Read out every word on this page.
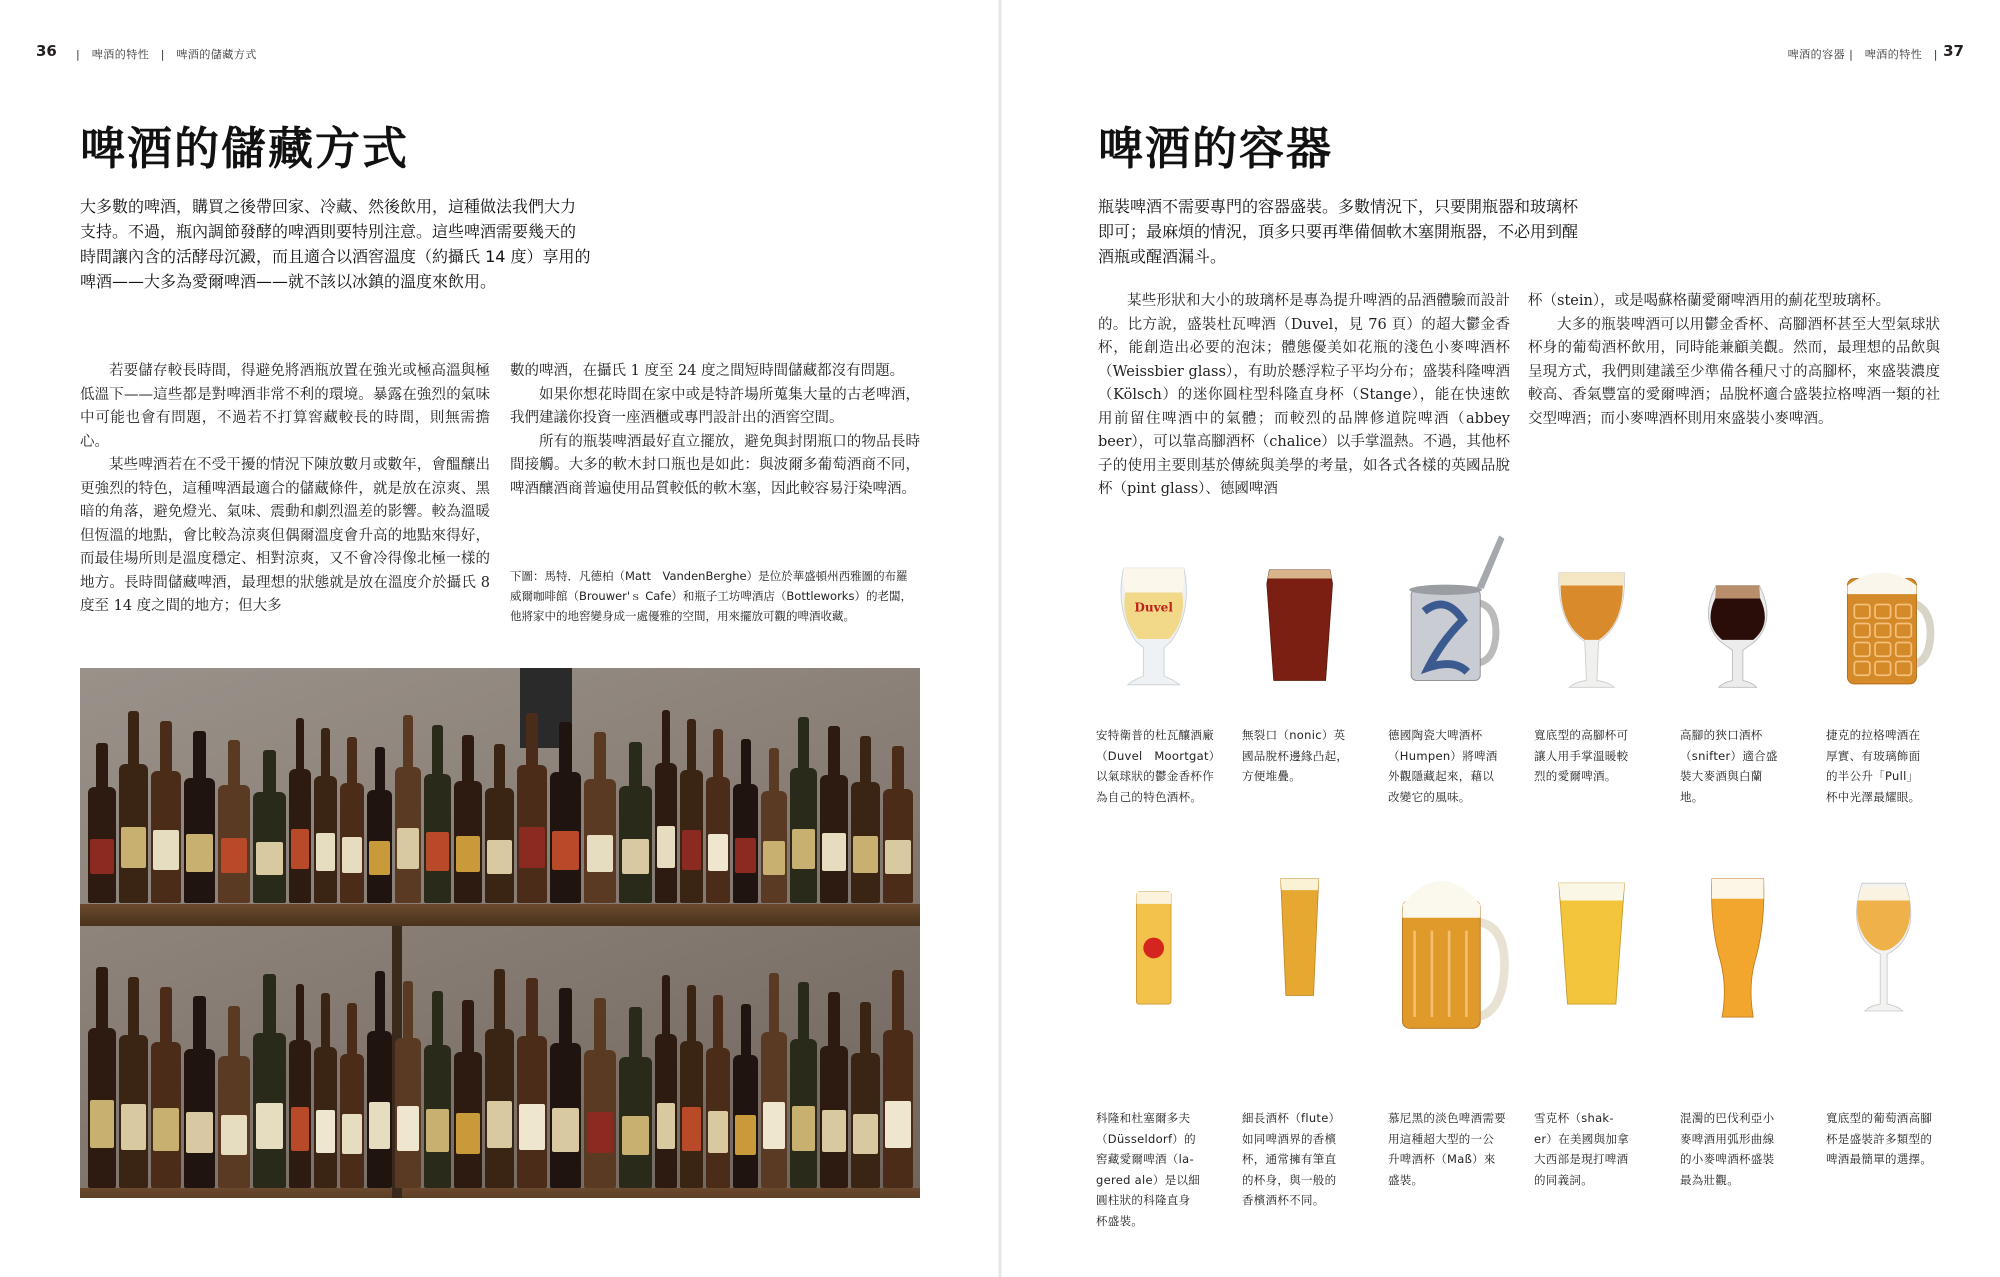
36 |　啤酒的特性　|　啤酒的儲藏方式
啤酒的儲藏方式
大多數的啤酒，購買之後帶回家、冷藏、然後飲用，這種做法我們大力
支持。不過，瓶內調節發酵的啤酒則要特別注意。這些啤酒需要幾天的
時間讓內含的活酵母沉澱，而且適合以酒窖溫度（約攝氏 14 度）享用的
啤酒——大多為愛爾啤酒——就不該以冰鎮的溫度來飲用。

若要儲存較長時間，得避免將酒瓶放置在強光或極高溫與極低溫下——這些都是對啤酒非常不利的環境。暴露在強烈的氣味中可能也會有問題，不過若不打算窖藏較長的時間，則無需擔心。

某些啤酒若在不受干擾的情況下陳放數月或數年，會醞釀出更強烈的特色，這種啤酒最適合的儲藏條件，就是放在涼爽、黑暗的角落，避免燈光、氣味、震動和劇烈溫差的影響。較為溫暖但恆溫的地點，會比較為涼爽但偶爾溫度會升高的地點來得好，而最佳場所則是溫度穩定、相對涼爽，又不會冷得像北極一樣的地方。長時間儲藏啤酒，最理想的狀態就是放在溫度介於攝氏 8 度至 14 度之間的地方；但大多

數的啤酒，在攝氏 1 度至 24 度之間短時間儲藏都沒有問題。

如果你想花時間在家中或是特許場所蒐集大量的古老啤酒，我們建議你投資一座酒櫃或專門設計出的酒窖空間。

所有的瓶裝啤酒最好直立擺放，避免與封閉瓶口的物品長時間接觸。大多的軟木封口瓶也是如此：與波爾多葡萄酒商不同，啤酒釀酒商普遍使用品質較低的軟木塞，因此較容易汙染啤酒。

下圖：馬特．凡德柏（Matt　VandenBerghe）是位於華盛頓州西雅圖的布羅
威爾咖啡館（Brouwer'ｓ Cafe）和瓶子工坊啤酒店（Bottleworks）的老闆，
他將家中的地窖變身成一處優雅的空間，用來擺放可觀的啤酒收藏。
啤酒的容器 |　啤酒的特性　| 37
啤酒的容器
瓶裝啤酒不需要專門的容器盛裝。多數情況下，只要開瓶器和玻璃杯
即可；最麻煩的情況，頂多只要再準備個軟木塞開瓶器，不必用到醒
酒瓶或醒酒漏斗。

某些形狀和大小的玻璃杯是專為提升啤酒的品酒體驗而設計的。比方說，盛裝杜瓦啤酒（Duvel，見 76 頁）的超大鬱金香杯，能創造出必要的泡沫；體態優美如花瓶的淺色小麥啤酒杯（Weissbier glass），有助於懸浮粒子平均分布；盛裝科隆啤酒（Kölsch）的迷你圓柱型科隆直身杯（Stange），能在快速飲用前留住啤酒中的氣體；而較烈的品牌修道院啤酒（abbey beer），可以靠高腳酒杯（chalice）以手掌溫熱。不過，其他杯子的使用主要則基於傳統與美學的考量，如各式各樣的英國品脫杯（pint glass）、德國啤酒

杯（stein），或是喝蘇格蘭愛爾啤酒用的薊花型玻璃杯。

大多的瓶裝啤酒可以用鬱金香杯、高腳酒杯甚至大型氣球狀杯身的葡萄酒杯飲用，同時能兼顧美觀。然而，最理想的品飲與呈現方式，我們則建議至少準備各種尺寸的高腳杯，來盛裝濃度較高、香氣豐富的愛爾啤酒；品脫杯適合盛裝拉格啤酒一類的社交型啤酒；而小麥啤酒杯則用來盛裝小麥啤酒。

Duvel
安特衛普的杜瓦釀酒廠
（Duvel　Moortgat）
以氣球狀的鬱金香杯作
為自己的特色酒杯。
無裂口（nonic）英
國品脫杯邊緣凸起，
方便堆疊。
德國陶瓷大啤酒杯
（Humpen）將啤酒
外觀隱藏起來，藉以
改變它的風味。
寬底型的高腳杯可
讓人用手掌溫暖較
烈的愛爾啤酒。
高腳的狹口酒杯
（snifter）適合盛
裝大麥酒與白蘭
地。
捷克的拉格啤酒在
厚實、有玻璃飾面
的半公升「Pull」
杯中光澤最耀眼。
科隆和杜塞爾多夫
（Düsseldorf）的
窖藏愛爾啤酒（la-
gered ale）是以細
圓柱狀的科隆直身
杯盛裝。
細長酒杯（flute）
如同啤酒界的香檳
杯，通常擁有筆直
的杯身，與一般的
香檳酒杯不同。
慕尼黑的淡色啤酒需要
用這種超大型的一公
升啤酒杯（Maß）來
盛裝。
雪克杯（shak-
er）在美國與加拿
大西部是現打啤酒
的同義詞。
混濁的巴伐利亞小
麥啤酒用弧形曲線
的小麥啤酒杯盛裝
最為壯觀。
寬底型的葡萄酒高腳
杯是盛裝許多類型的
啤酒最簡單的選擇。
